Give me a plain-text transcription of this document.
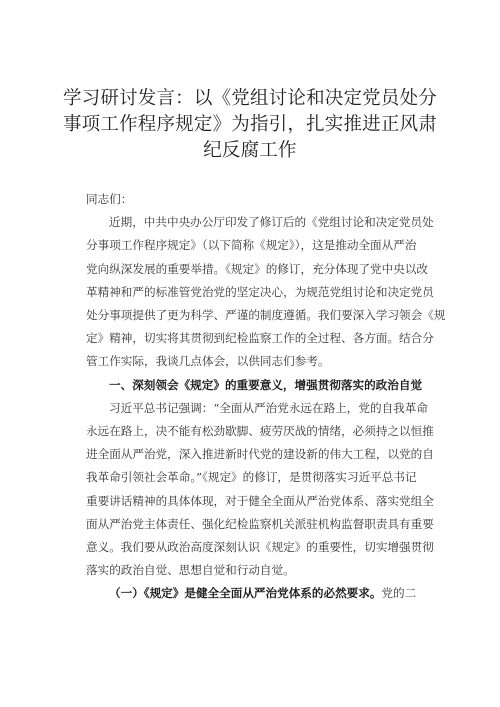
学习研讨发言：以《党组讨论和决定党员处分
事项工作程序规定》为指引，扎实推进正风肃
纪反腐工作
同志们：
近期，中共中央办公厅印发了修订后的《党组讨论和决定党员处
分事项工作程序规定》（以下简称《规定》），这是推动全面从严治
党向纵深发展的重要举措。《规定》的修订，充分体现了党中央以改
革精神和严的标准管党治党的坚定决心，为规范党组讨论和决定党员
处分事项提供了更为科学、严谨的制度遵循。我们要深入学习领会《规
定》精神，切实将其贯彻到纪检监察工作的全过程、各方面。结合分
管工作实际，我谈几点体会，以供同志们参考。
一、深刻领会《规定》的重要意义，增强贯彻落实的政治自觉
习近平总书记强调：“全面从严治党永远在路上，党的自我革命
永远在路上，决不能有松劲歇脚、疲劳厌战的情绪，必须持之以恒推
进全面从严治党，深入推进新时代党的建设新的伟大工程，以党的自
我革命引领社会革命。”《规定》的修订，是贯彻落实习近平总书记
重要讲话精神的具体体现，对于健全全面从严治党体系、落实党组全
面从严治党主体责任、强化纪检监察机关派驻机构监督职责具有重要
意义。我们要从政治高度深刻认识《规定》的重要性，切实增强贯彻
落实的政治自觉、思想自觉和行动自觉。
（一）《规定》是健全全面从严治党体系的必然要求。党的二
